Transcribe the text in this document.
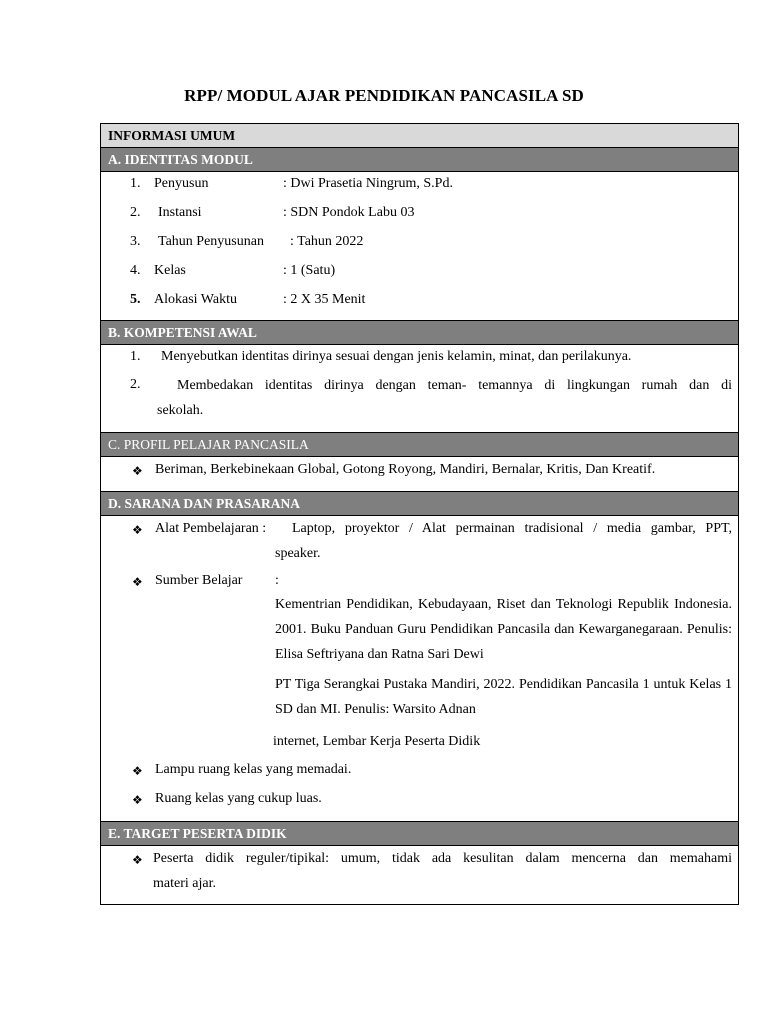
RPP/ MODUL AJAR PENDIDIKAN PANCASILA SD
INFORMASI UMUM
A. IDENTITAS MODUL
1. Penyusun	: Dwi Prasetia Ningrum, S.Pd.
2. Instansi	: SDN Pondok Labu 03
3. Tahun Penyusunan : Tahun 2022
4. Kelas	: 1 (Satu)
5. Alokasi Waktu	: 2 X 35 Menit
B. KOMPETENSI AWAL
1. Menyebutkan identitas dirinya sesuai dengan jenis kelamin, minat, dan perilakunya.
2.	Membedakan identitas dirinya dengan teman- temannya di lingkungan rumah dan di
sekolah.
C. PROFIL PELAJAR PANCASILA
❖ Beriman, Berkebinekaan Global, Gotong Royong, Mandiri, Bernalar, Kritis, Dan Kreatif.
D. SARANA DAN PRASARANA
❖ Alat Pembelajaran :	Laptop, proyektor / Alat permainan tradisional / media gambar, PPT,
speaker.
❖ Sumber Belajar :
Kementrian Pendidikan, Kebudayaan, Riset dan Teknologi Republik Indonesia. 2001. Buku Panduan Guru Pendidikan Pancasila dan Kewarganegaraan. Penulis: Elisa Seftriyana dan Ratna Sari Dewi
PT Tiga Serangkai Pustaka Mandiri, 2022. Pendidikan Pancasila 1 untuk Kelas 1 SD dan MI. Penulis: Warsito Adnan
internet, Lembar Kerja Peserta Didik
❖ Lampu ruang kelas yang memadai.
❖ Ruang kelas yang cukup luas.
E. TARGET PESERTA DIDIK
❖ Peserta didik reguler/tipikal: umum, tidak ada kesulitan dalam mencerna dan memahami
materi ajar.
